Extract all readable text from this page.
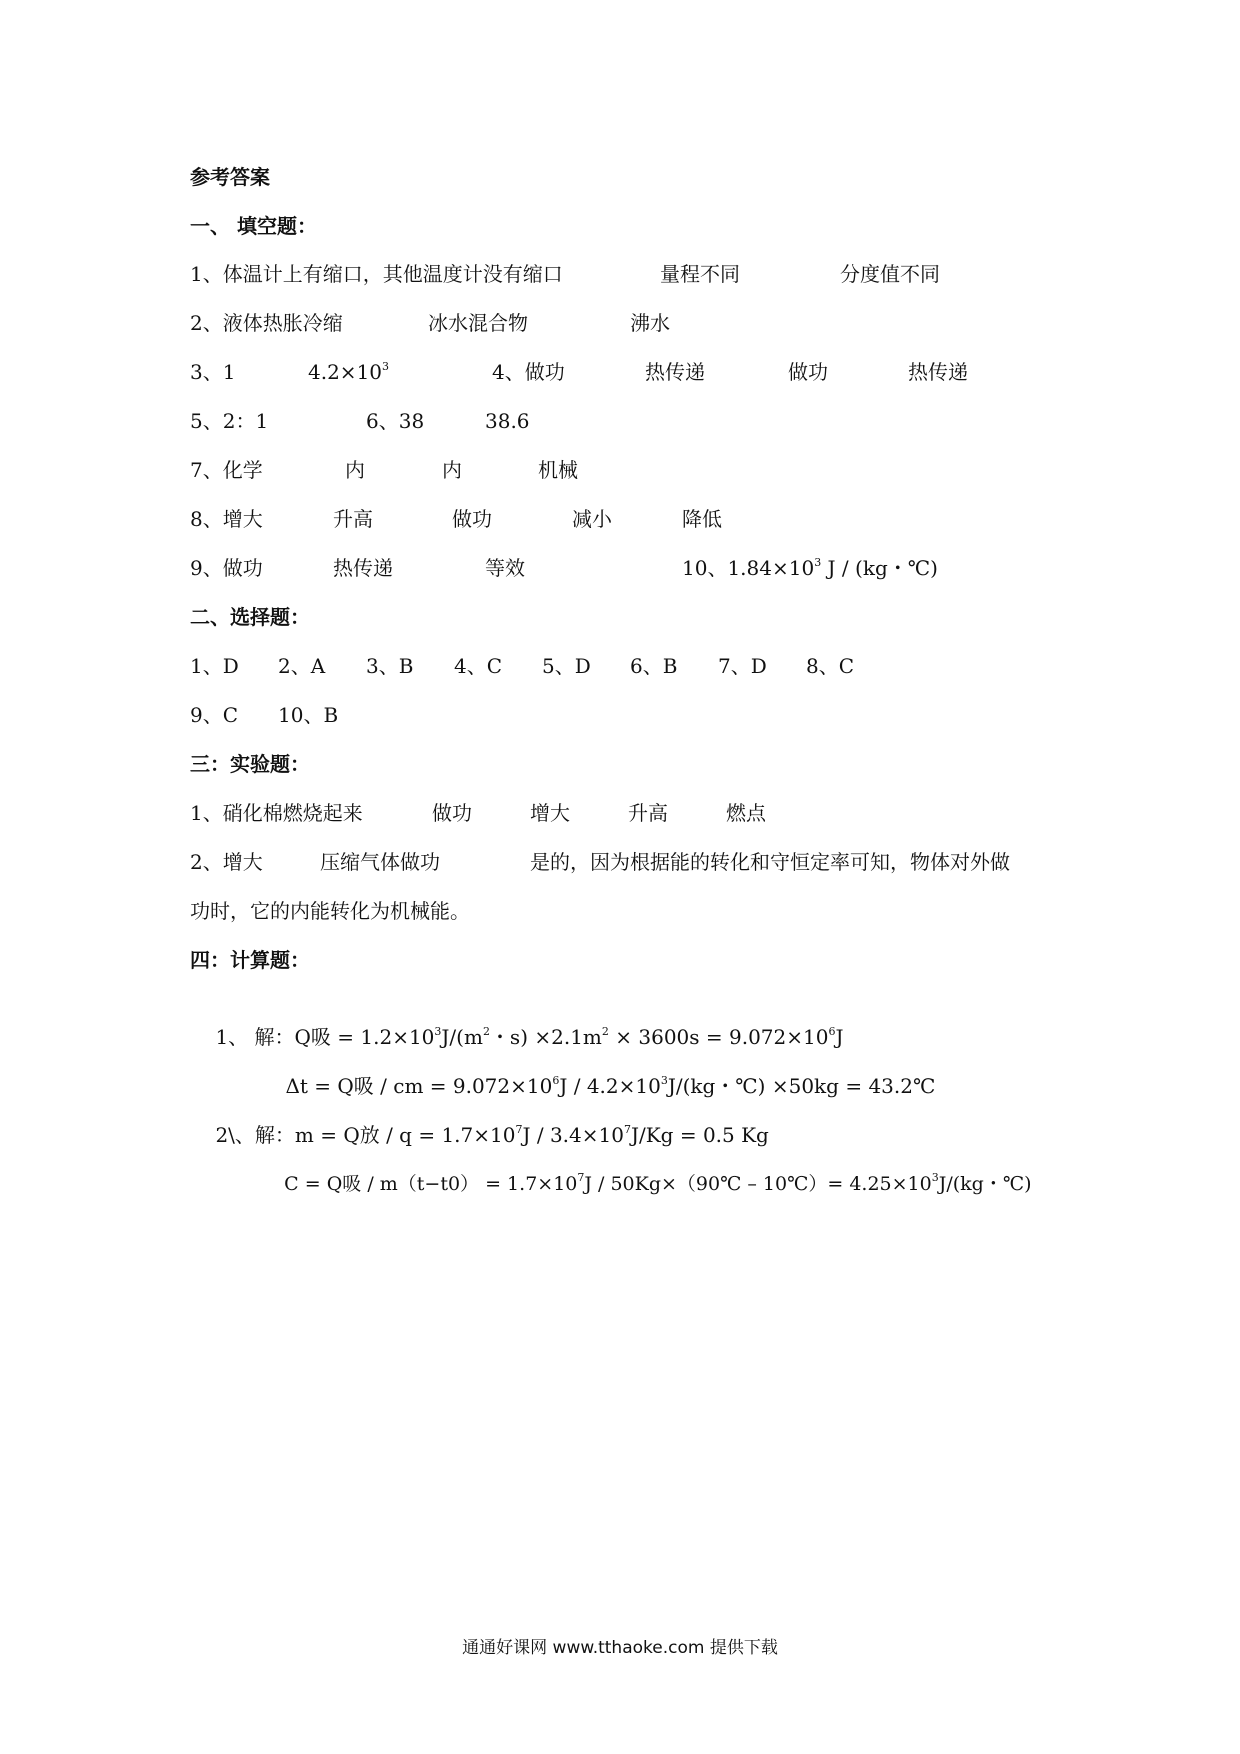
参考答案
一、 填空题：

1、体温计上有缩口，其他温度计没有缩口

	量程不同

	分度值不同

2、液体热胀冷缩

	冰水混合物

	沸水

3、1

	$4.2\times 10^3$

	4、做功

	热传递

	做功

	热传递

5、2：1

	6、38

	38.6

7、化学

	内

	内

	机械

8、增大

	升高

	做功

	减小

	降低

9、做功

	热传递

	等效

	10、$1.84\times 10^3$ J / (kg・℃)

二、选择题：

1、D

2、A

3、B

4、C

5、D

6、B

7、D

8、C

9、C

10、B

三：实验题：

1、硝化棉燃烧起来

	做功

	增大

	升高

	燃点

2、增大

	压缩气体做功

	是的，因为根据能的转化和守恒定率可知，物体对外做

功时，它的内能转化为机械能。
四：计算题：

1、 解：Q吸 = $1.2\times 10^3J/(m^2$・$s) \times 2.1m^2 \times 3600s = 9.072\times 10^6J$

Δt = Q吸 / cm = $9.072\times 10^6J / 4.2\times 10^3J/(kg$・℃) ×50kg = 43.2℃

2\、解：m = Q放 / $q = 1.7\times 10^7J / 3.4\times 10^7J/Kg = 0.5$ Kg

C = Q吸 / $m(t-t0) = 1.7\times 10^7J$ / 50Kg×（90℃ – 10℃）= $4.25\times 10^3J/(kg$・℃)

通通好课网 www.tthaoke.com 提供下载
